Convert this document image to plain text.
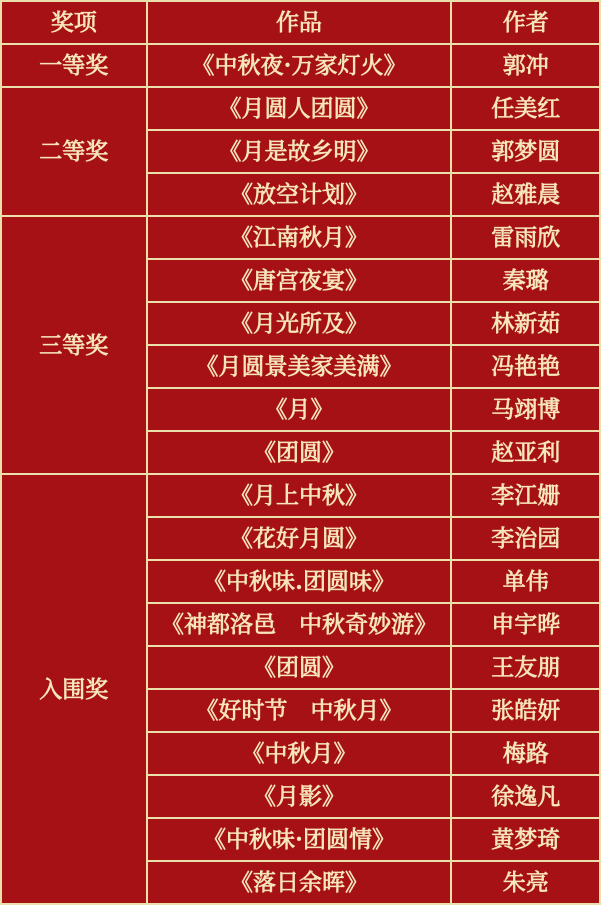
奖项	作品	作者
一等奖	《中秋夜·万家灯火》	郭冲
二等奖	《月圆人团圆》	任美红
	《月是故乡明》	郭梦圆
	《放空计划》	赵雅晨
三等奖	《江南秋月》	雷雨欣
	《唐宫夜宴》	秦璐
	《月光所及》	林新茹
	《月圆景美家美满》	冯艳艳
	《月》	马翊博
	《团圆》	赵亚利
入围奖	《月上中秋》	李江姗
	《花好月圆》	李治园
	《中秋味.团圆味》	单伟
	《神都洛邑　中秋奇妙游》	申宇晔
	《团圆》	王友朋
	《好时节　中秋月》	张皓妍
	《中秋月》	梅路
	《月影》	徐逸凡
	《中秋味·团圆情》	黄梦琦
	《落日余晖》	朱亮
